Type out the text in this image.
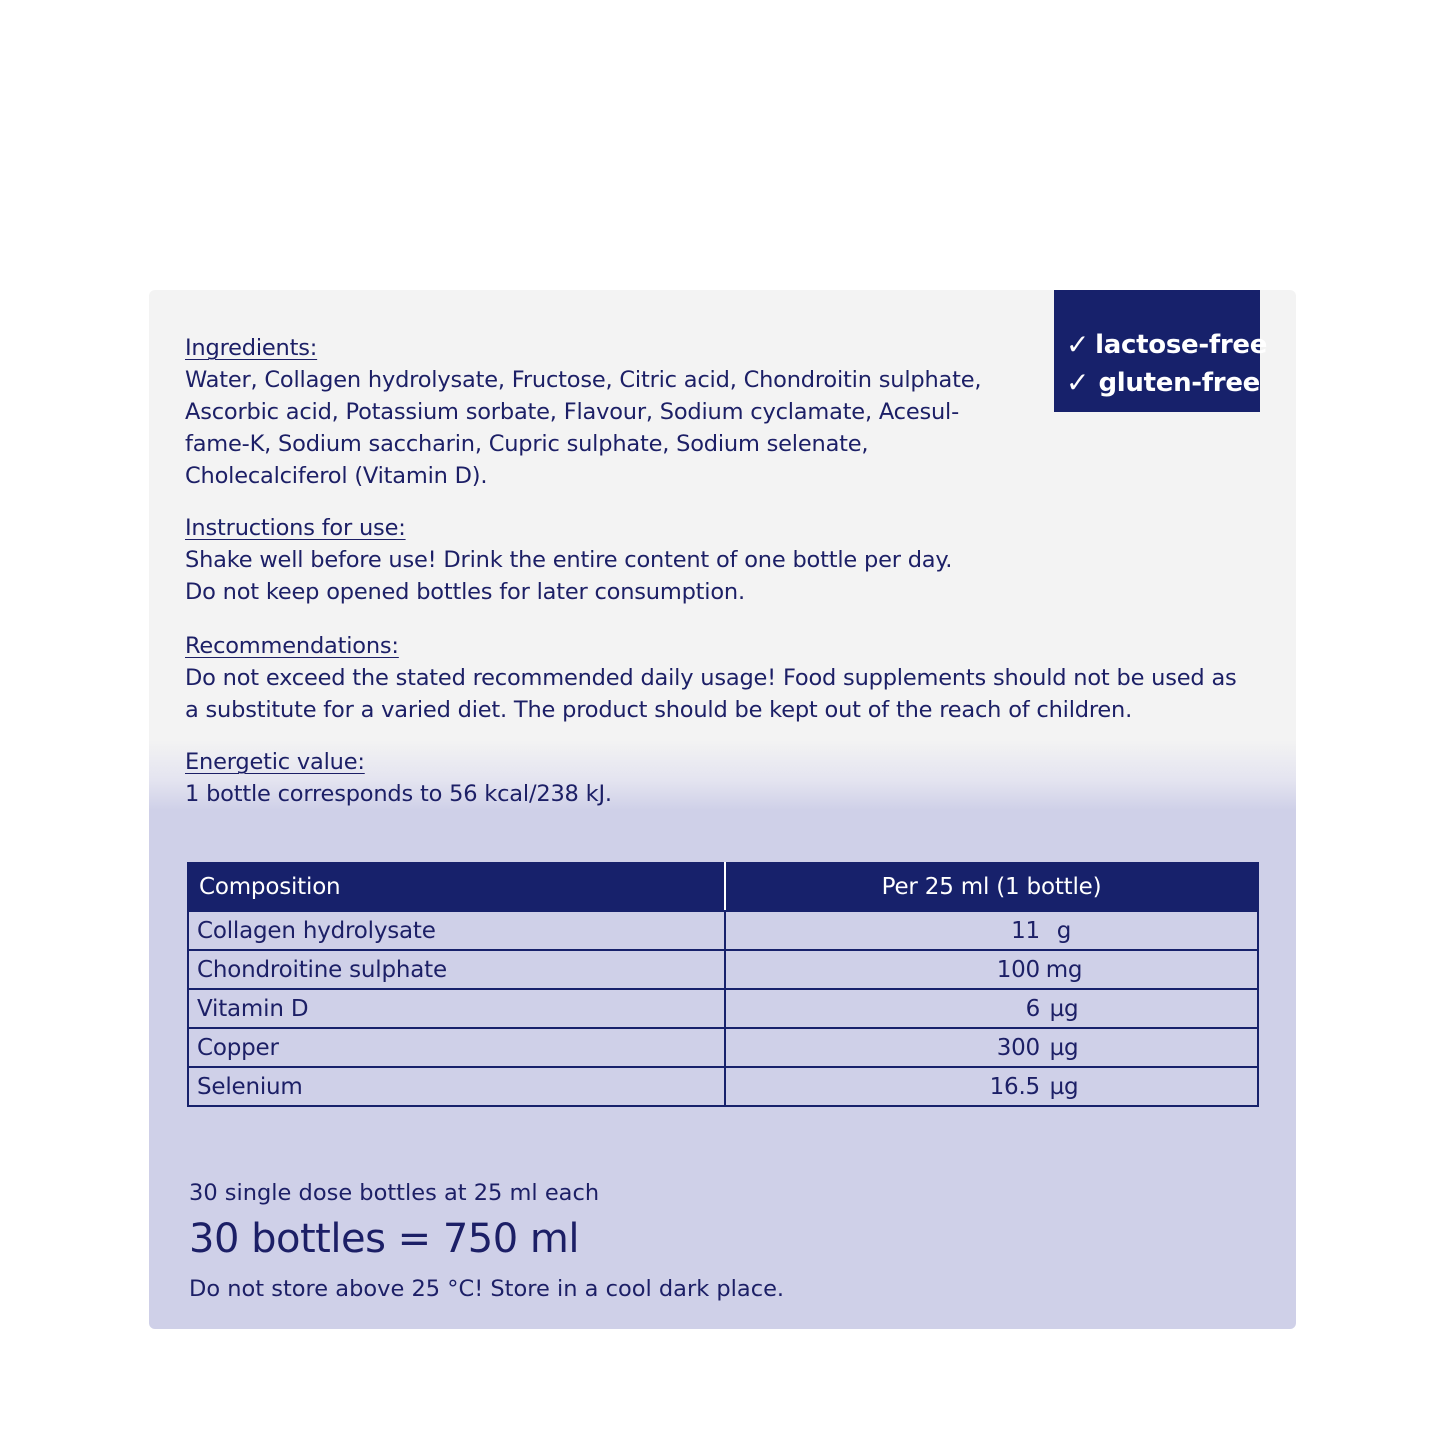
✓ lactose-free
✓ gluten-free
Ingredients:
Water, Collagen hydrolysate, Fructose, Citric acid, Chondroitin sulphate,
Ascorbic acid, Potassium sorbate, Flavour, Sodium cyclamate, Acesul-
fame-K, Sodium saccharin, Cupric sulphate, Sodium selenate,
Cholecalciferol (Vitamin D).
Instructions for use:
Shake well before use! Drink the entire content of one bottle per day.
Do not keep opened bottles for later consumption.
Recommendations:
Do not exceed the stated recommended daily usage! Food supplements should not be used as
a substitute for a varied diet. The product should be kept out of the reach of children.
Energetic value:
1 bottle corresponds to 56 kcal/238 kJ.
Composition	Per 25 ml (1 bottle)
Collagen hydrolysate	11 g
Chondroitine sulphate	100 mg
Vitamin D	6 µg
Copper	300 µg
Selenium	16.5 µg
30 single dose bottles at 25 ml each
30 bottles = 750 ml
Do not store above 25 °C! Store in a cool dark place.
